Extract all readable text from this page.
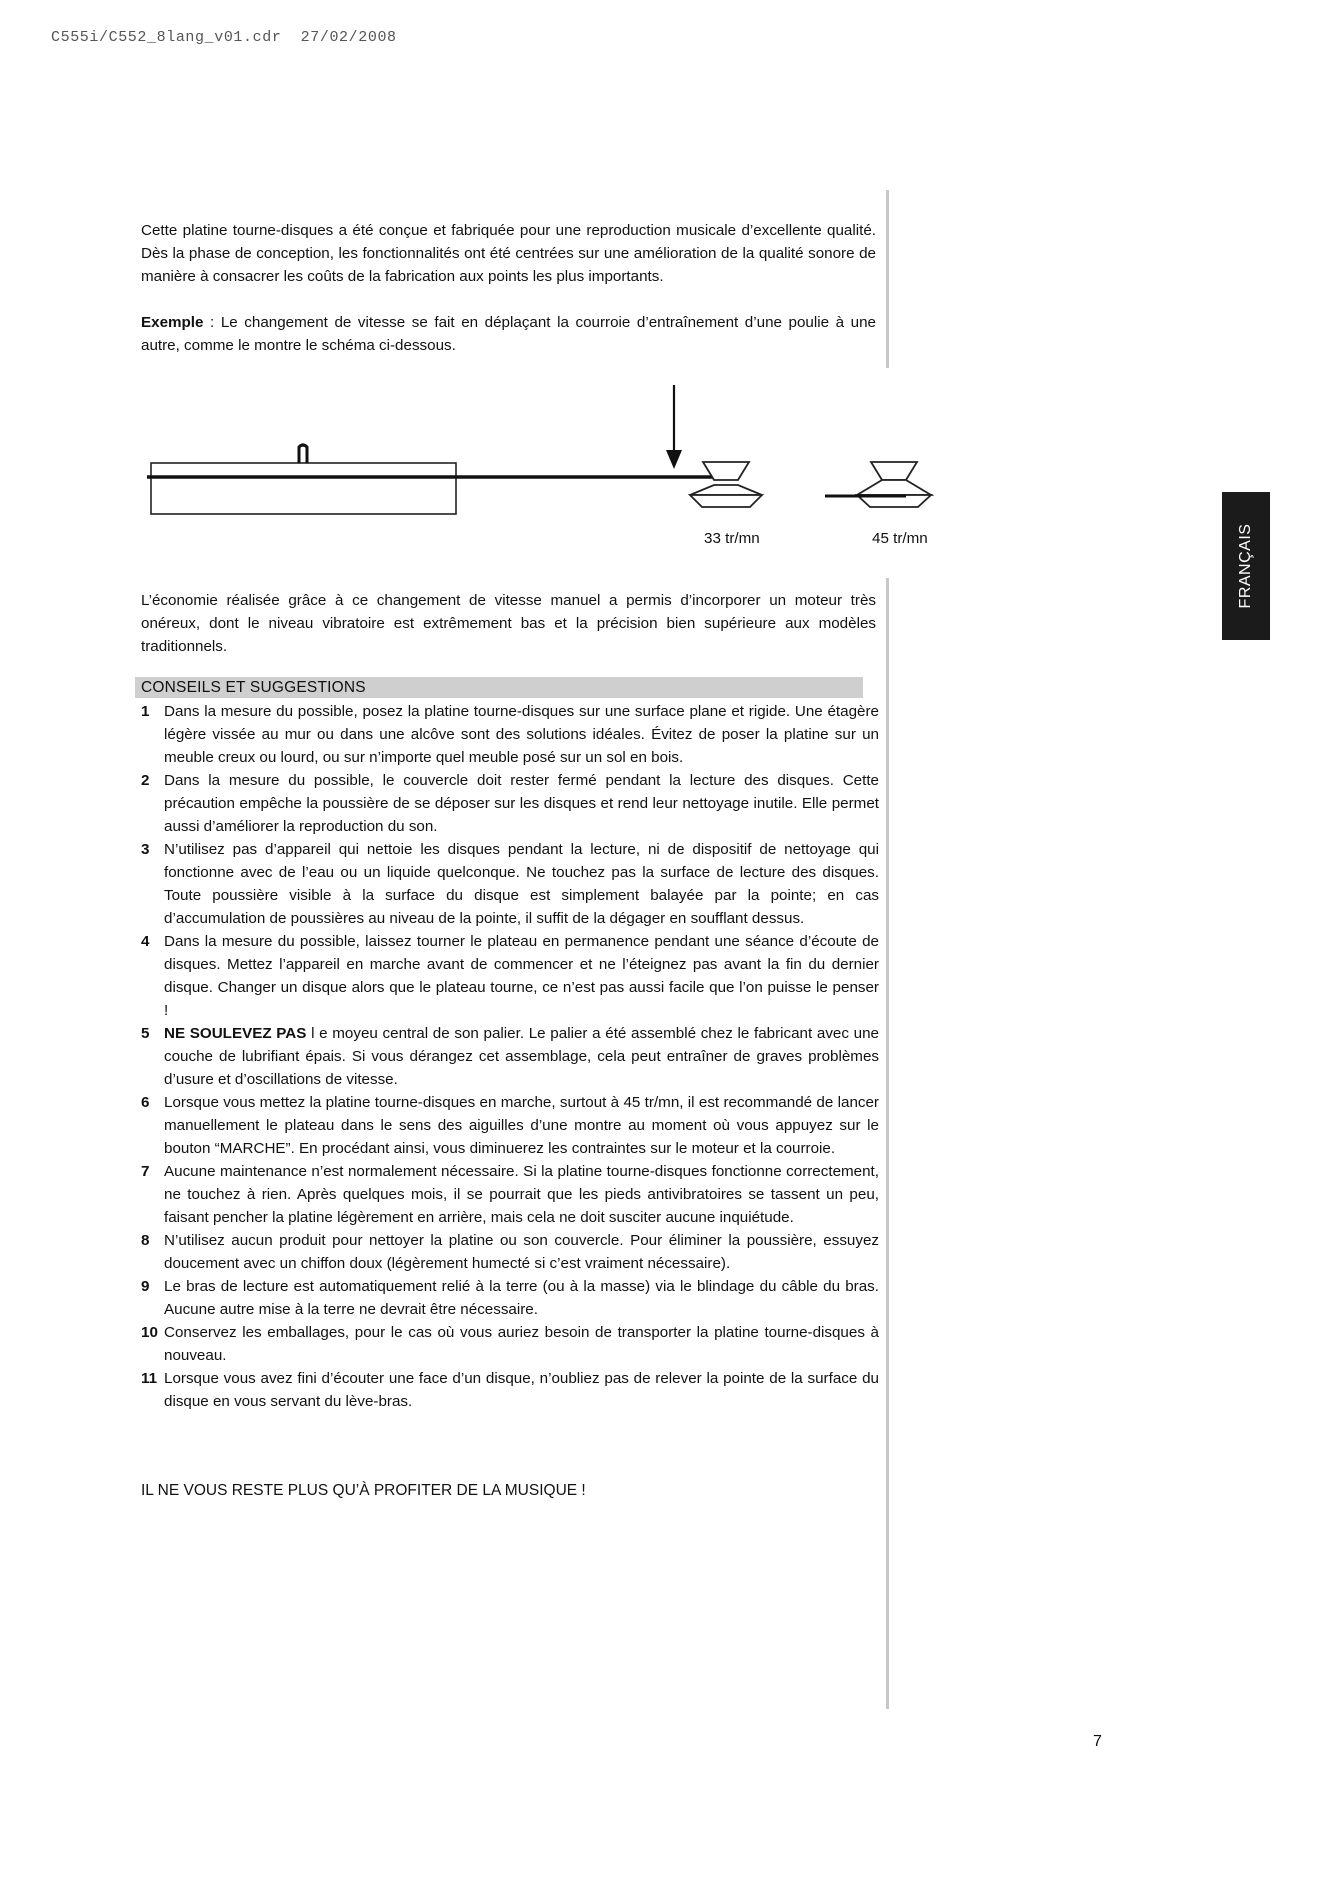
C555i/C552_8lang_v01.cdr  27/02/2008
FRANÇAIS
Cette platine tourne-disques a été conçue et fabriquée pour une reproduction musicale d’excellente qualité. Dès la phase de conception, les fonctionnalités ont été centrées sur une amélioration de la qualité sonore de manière à consacrer les coûts de la fabrication aux points les plus importants.
Exemple : Le changement de vitesse se fait en déplaçant la courroie d’entraînement d’une poulie à une autre, comme le montre le schéma ci-dessous.
33 tr/mn	45 tr/mn
L’économie réalisée grâce à ce changement de vitesse manuel a permis d’incorporer un moteur très onéreux, dont le niveau vibratoire est extrêmement bas et la précision bien supérieure aux modèles traditionnels.
CONSEILS ET SUGGESTIONS
1 Dans la mesure du possible, posez la platine tourne-disques sur une surface plane et rigide. Une étagère légère vissée au mur ou dans une alcôve sont des solutions idéales. Évitez de poser la platine sur un meuble creux ou lourd, ou sur n’importe quel meuble posé sur un sol en bois.
2 Dans la mesure du possible, le couvercle doit rester fermé pendant la lecture des disques. Cette précaution empêche la poussière de se déposer sur les disques et rend leur nettoyage inutile. Elle permet aussi d’améliorer la reproduction du son.
3 N’utilisez pas d’appareil qui nettoie les disques pendant la lecture, ni de dispositif de nettoyage qui fonctionne avec de l’eau ou un liquide quelconque. Ne touchez pas la surface de lecture des disques. Toute poussière visible à la surface du disque est simplement balayée par la pointe; en cas d’accumulation de poussières au niveau de la pointe, il suffit de la dégager en soufflant dessus.
4 Dans la mesure du possible, laissez tourner le plateau en permanence pendant une séance d’écoute de disques. Mettez l’appareil en marche avant de commencer et ne l’éteignez pas avant la fin du dernier disque. Changer un disque alors que le plateau tourne, ce n’est pas aussi facile que l’on puisse le penser !
5 NE SOULEVEZ PAS l e moyeu central de son palier. Le palier a été assemblé chez le fabricant avec une couche de lubrifiant épais. Si vous dérangez cet assemblage, cela peut entraîner de graves problèmes d’usure et d’oscillations de vitesse.
6 Lorsque vous mettez la platine tourne-disques en marche, surtout à 45 tr/mn, il est recommandé de lancer manuellement le plateau dans le sens des aiguilles d’une montre au moment où vous appuyez sur le bouton “MARCHE”. En procédant ainsi, vous diminuerez les contraintes sur le moteur et la courroie.
7 Aucune maintenance n’est normalement nécessaire. Si la platine tourne-disques fonctionne correctement, ne touchez à rien. Après quelques mois, il se pourrait que les pieds antivibratoires se tassent un peu, faisant pencher la platine légèrement en arrière, mais cela ne doit susciter aucune inquiétude.
8 N’utilisez aucun produit pour nettoyer la platine ou son couvercle. Pour éliminer la poussière, essuyez doucement avec un chiffon doux (légèrement humecté si c’est vraiment nécessaire).
9 Le bras de lecture est automatiquement relié à la terre (ou à la masse) via le blindage du câble du bras. Aucune autre mise à la terre ne devrait être nécessaire.
10 Conservez les emballages, pour le cas où vous auriez besoin de transporter la platine tourne-disques à nouveau.
11 Lorsque vous avez fini d’écouter une face d’un disque, n’oubliez pas de relever la pointe de la surface du disque en vous servant du lève-bras.
IL NE VOUS RESTE PLUS QU’À PROFITER DE LA MUSIQUE !
7
